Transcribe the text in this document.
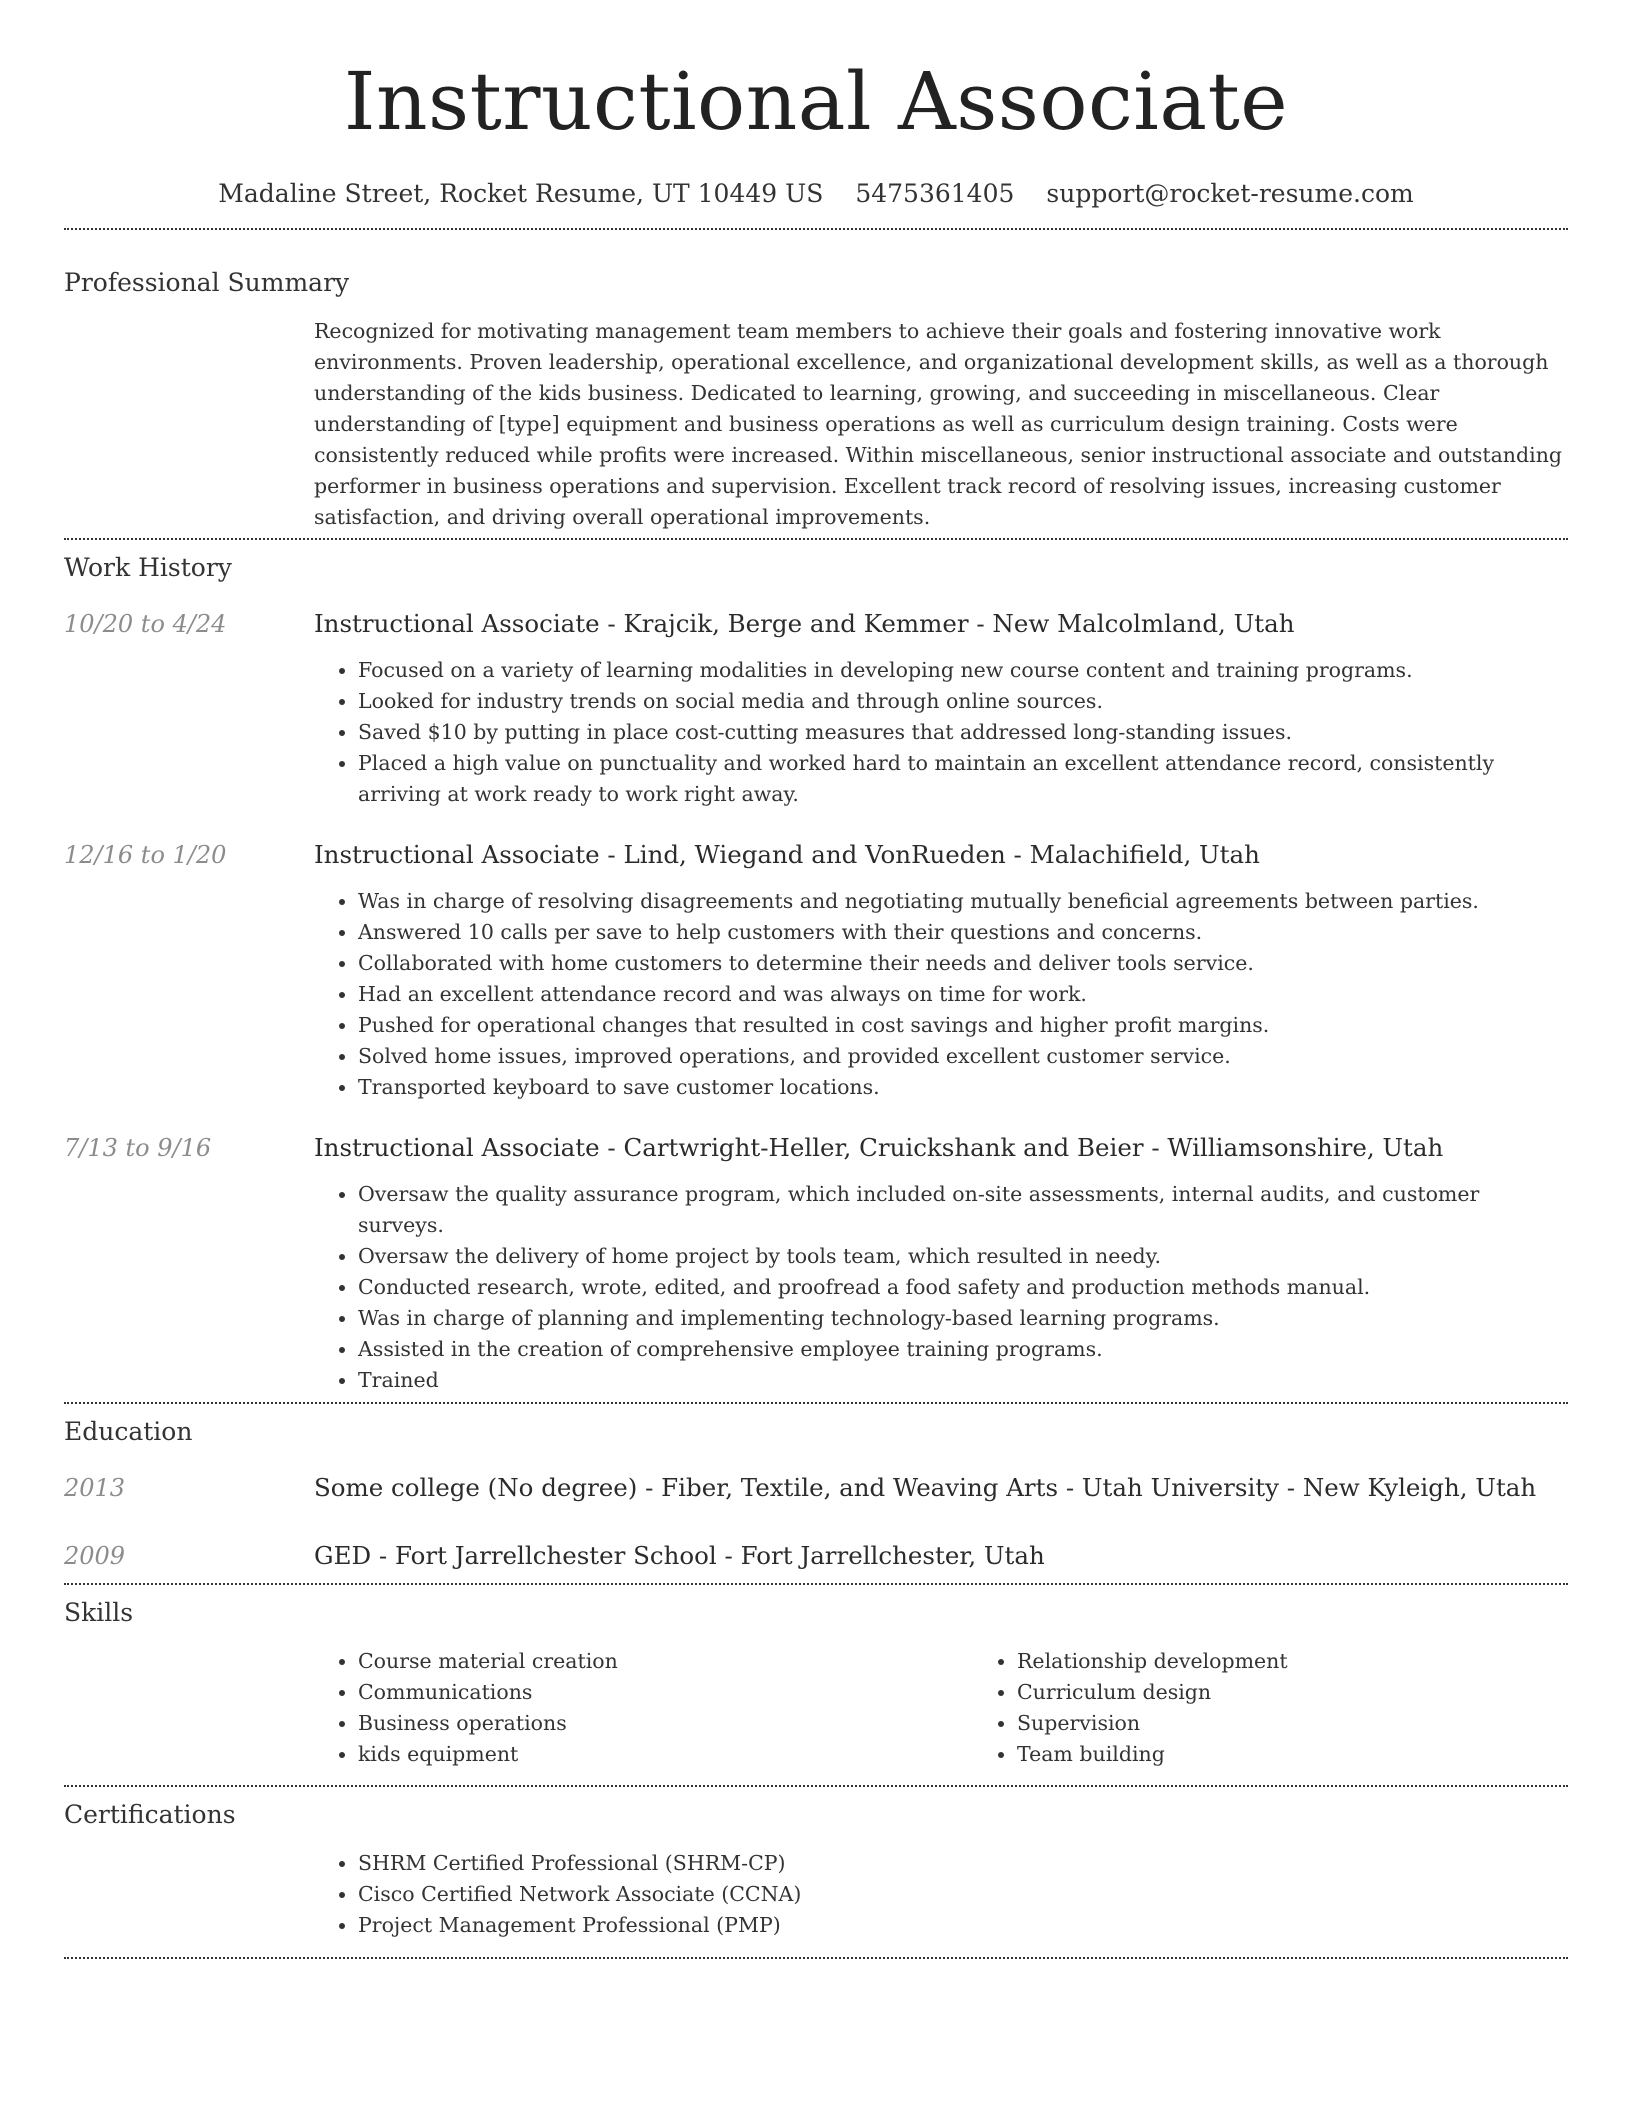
Instructional Associate
Madaline Street, Rocket Resume, UT 10449 US 5475361405 support@rocket-resume.com
Professional Summary

Recognized for motivating management team members to achieve their goals and fostering innovative work environments. Proven leadership, operational excellence, and organizational development skills, as well as a thorough understanding of the kids business. Dedicated to learning, growing, and succeeding in miscellaneous. Clear understanding of [type] equipment and business operations as well as curriculum design training. Costs were consistently reduced while profits were increased. Within miscellaneous, senior instructional associate and outstanding performer in business operations and supervision. Excellent track record of resolving issues, increasing customer satisfaction, and driving overall operational improvements.

Work History
10/20 to 4/24	Instructional Associate - Krajcik, Berge and Kemmer - New Malcolmland, Utah
• Focused on a variety of learning modalities in developing new course content and training programs.
• Looked for industry trends on social media and through online sources.
• Saved $10 by putting in place cost-cutting measures that addressed long-standing issues.
• Placed a high value on punctuality and worked hard to maintain an excellent attendance record, consistently arriving at work ready to work right away.
12/16 to 1/20	Instructional Associate - Lind, Wiegand and VonRueden - Malachifield, Utah
• Was in charge of resolving disagreements and negotiating mutually beneficial agreements between parties.
• Answered 10 calls per save to help customers with their questions and concerns.
• Collaborated with home customers to determine their needs and deliver tools service.
• Had an excellent attendance record and was always on time for work.
• Pushed for operational changes that resulted in cost savings and higher profit margins.
• Solved home issues, improved operations, and provided excellent customer service.
• Transported keyboard to save customer locations.
7/13 to 9/16	Instructional Associate - Cartwright-Heller, Cruickshank and Beier - Williamsonshire, Utah
• Oversaw the quality assurance program, which included on-site assessments, internal audits, and customer surveys.
• Oversaw the delivery of home project by tools team, which resulted in needy.
• Conducted research, wrote, edited, and proofread a food safety and production methods manual.
• Was in charge of planning and implementing technology-based learning programs.
• Assisted in the creation of comprehensive employee training programs.
• Trained
Education
2013	Some college (No degree) - Fiber, Textile, and Weaving Arts - Utah University - New Kyleigh, Utah
2009	GED - Fort Jarrellchester School - Fort Jarrellchester, Utah
Skills
• Course material creation
• Communications
• Business operations
• kids equipment
• Relationship development
• Curriculum design
• Supervision
• Team building
Certifications
• SHRM Certified Professional (SHRM-CP)
• Cisco Certified Network Associate (CCNA)
• Project Management Professional (PMP)
